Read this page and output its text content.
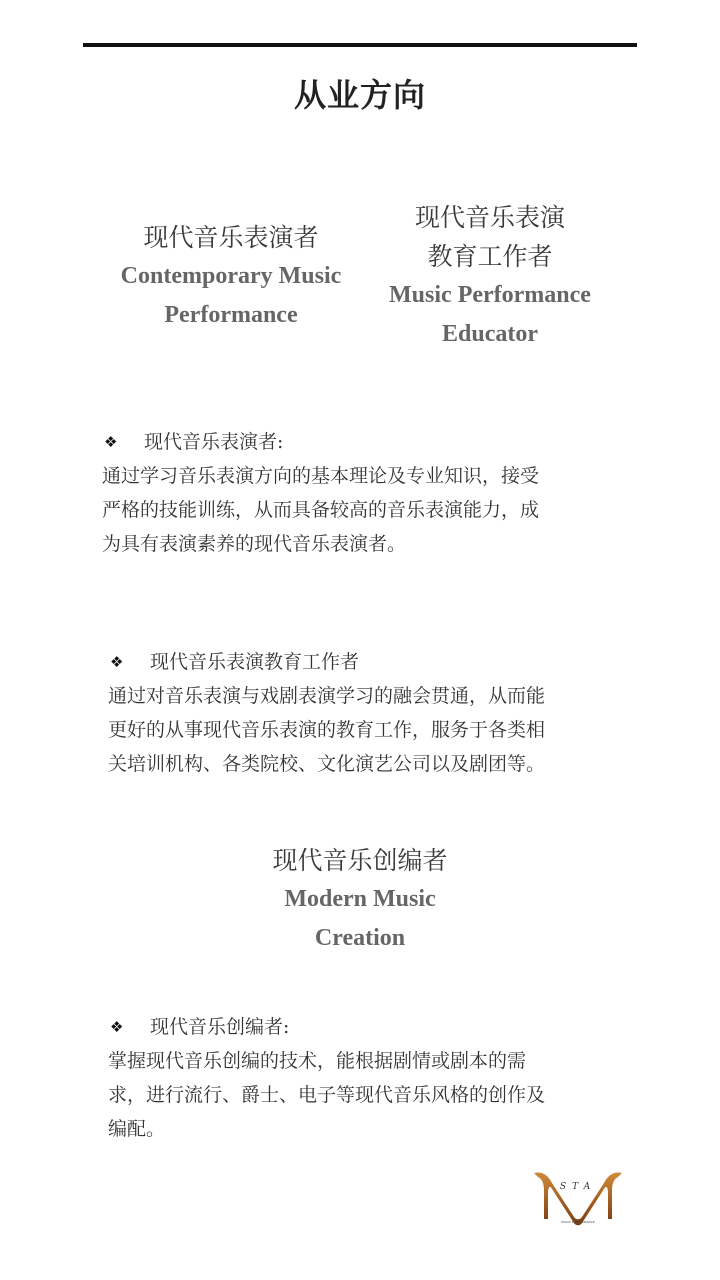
从业方向
现代音乐表演者
Contemporary Music
Performance
现代音乐表演
教育工作者
Music Performance
Educator
❖	现代音乐表演者:
通过学习音乐表演方向的基本理论及专业知识，接受
严格的技能训练，从而具备较高的音乐表演能力，成
为具有表演素养的现代音乐表演者。
❖	现代音乐表演教育工作者
通过对音乐表演与戏剧表演学习的融会贯通，从而能
更好的从事现代音乐表演的教育工作，服务于各类相
关培训机构、各类院校、文化演艺公司以及剧团等。
现代音乐创编者
Modern Music
Creation
❖	现代音乐创编者:
掌握现代音乐创编的技术，能根据剧情或剧本的需
求，进行流行、爵士、电子等现代音乐风格的创作及
编配。
STA
MUSIC PERFORMANCE
